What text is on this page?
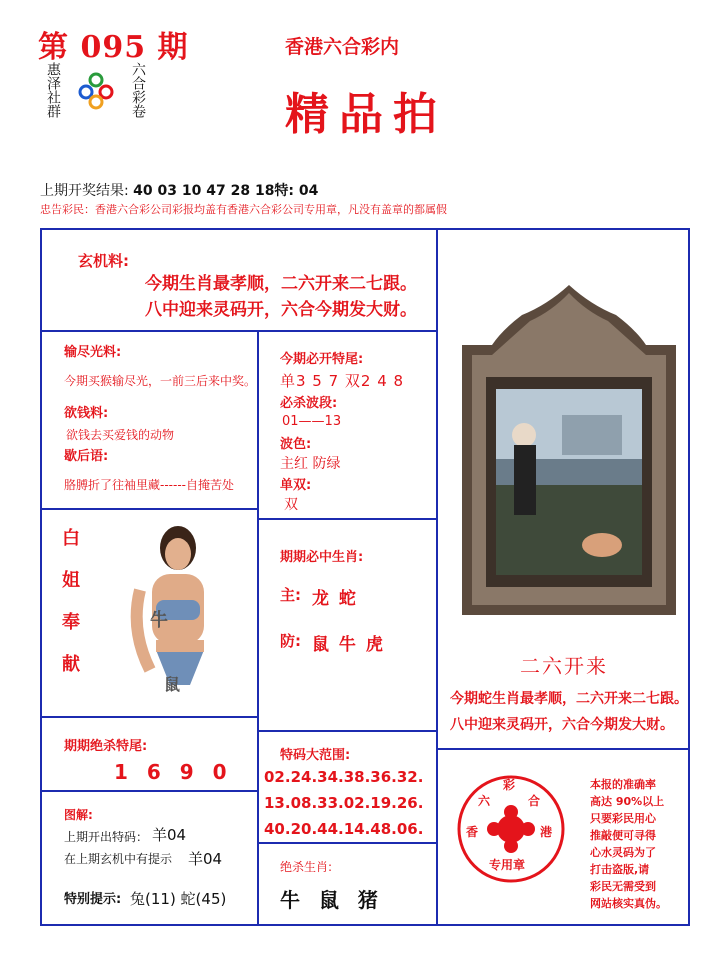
第 095 期
惠泽社群	六合彩卷
香港六合彩内
精品拍
上期开奖结果: 40 03 10 47 28 18特: 04
忠告彩民：香港六合彩公司彩报均盖有香港六合彩公司专用章，凡没有盖章的都属假
玄机料:
今期生肖最孝顺，二六开来二七跟。
八中迎来灵码开，六合今期发大财。
输尽光料:
今期买猴输尽光，一前三后来中奖。
欲钱料:
欲钱去买爱钱的动物
歇后语:
胳膊折了往袖里藏------自掩苦处
今期必开特尾:
单3 5 7 双2 4 8
必杀波段:
01——13
波色:
主红 防绿
单双:
双
白
姐
奉
献
牛
鼠
期期必中生肖:
主: 龙 蛇
防: 鼠 牛 虎
期期绝杀特尾:
1 6 9 0
特码大范围:
02.24.34.38.36.32.
13.08.33.02.19.26.
40.20.44.14.48.06.
图解:
上期开出特码： 羊04
在上期玄机中有提示 羊04
特别提示: 兔(11) 蛇(45)
绝杀生肖:
牛 鼠 猪
二六开来
今期蛇生肖最孝顺，二六开来二七跟。
八中迎来灵码开，六合今期发大财。
六
彩
合
香	港
专用章
本报的准确率
高达 90%以上
只要彩民用心
推敲便可寻得
心水灵码为了
打击盗版,请
彩民无需受到
网站核实真伪。
